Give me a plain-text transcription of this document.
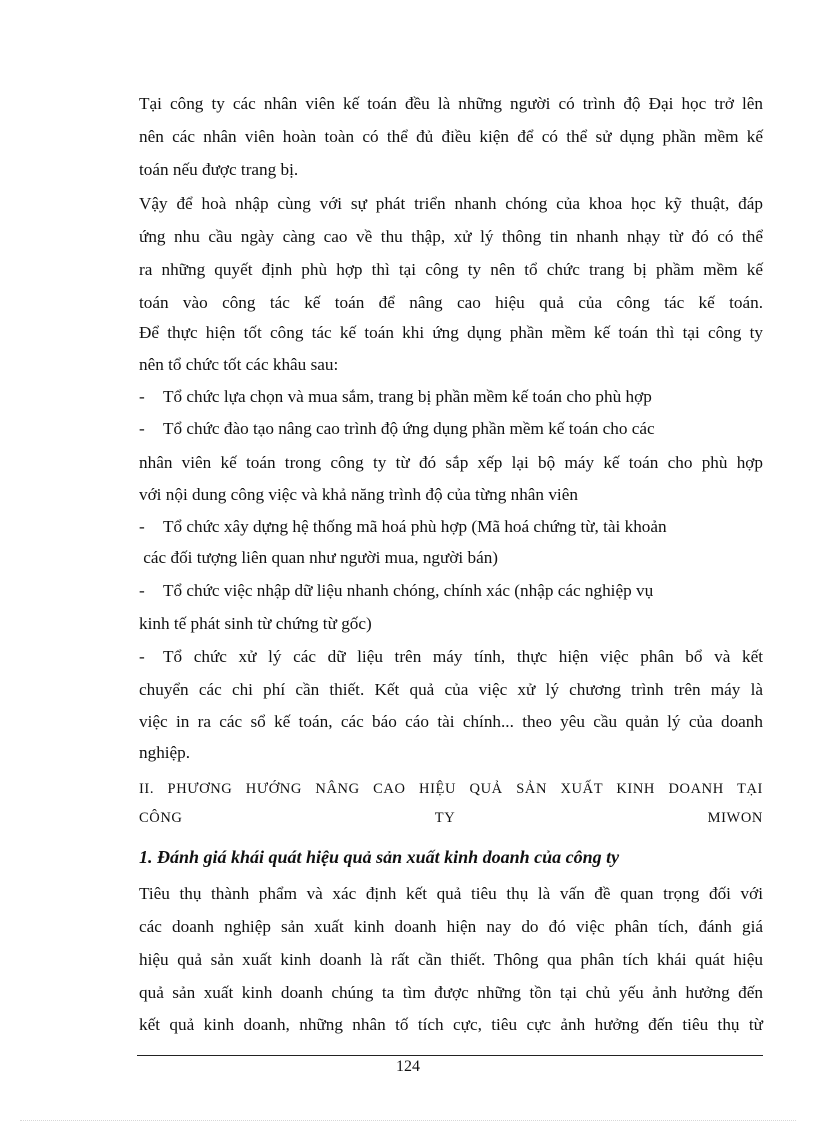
Tại công ty các nhân viên kế toán đều là những người có trình độ Đại học trở lên
nên các nhân viên hoàn toàn có thể đủ điều kiện để có thể sử dụng phần mềm kế
toán nếu được trang bị.
Vậy để hoà nhập cùng với sự phát triển nhanh chóng của khoa học kỹ thuật, đáp
ứng nhu cầu ngày càng cao về thu thập, xử lý thông tin nhanh nhạy từ đó có thể
ra những quyết định phù hợp thì tại công ty nên tổ chức trang bị phầm mềm kế
toán vào công tác kế toán để nâng cao hiệu quả của công tác kế toán.
Để thực hiện tốt công tác kế toán khi ứng dụng phần mềm kế toán thì tại công ty
nên tổ chức tốt các khâu sau:
-	Tổ chức lựa chọn và mua sắm, trang bị phần mềm kế toán cho phù hợp
-	Tổ chức đào tạo nâng cao trình độ ứng dụng phần mềm kế toán cho các
nhân viên kế toán trong công ty từ đó sắp xếp lại bộ máy kế toán cho phù hợp
với nội dung công việc và khả năng trình độ của từng nhân viên
-	Tổ chức xây dựng hệ thống mã hoá phù hợp (Mã hoá chứng từ, tài khoản
các đối tượng liên quan như người mua, người bán)
-	Tổ chức việc nhập dữ liệu nhanh chóng, chính xác (nhập các nghiệp vụ
kinh tế phát sinh từ chứng từ gốc)
-	Tổ chức xử lý các dữ liệu trên máy tính, thực hiện việc phân bổ và kết
chuyển các chi phí cần thiết. Kết quả của việc xử lý chương trình trên máy là
việc in ra các sổ kế toán, các báo cáo tài chính... theo yêu cầu quản lý của doanh
nghiệp.
II. PHƯƠNG HƯỚNG NÂNG CAO HIỆU QUẢ SẢN XUẤT KINH DOANH TẠI
CÔNG	TY	MIWON
1. Đánh giá khái quát hiệu quả sản xuất kinh doanh của công ty
Tiêu thụ thành phẩm và xác định kết quả tiêu thụ là vấn đề quan trọng đối với
các doanh nghiệp sản xuất kinh doanh hiện nay do đó việc phân tích, đánh giá
hiệu quả sản xuất kinh doanh là rất cần thiết. Thông qua phân tích khái quát hiệu
quả sản xuất kinh doanh chúng ta tìm được những tồn tại chủ yếu ảnh hưởng đến
kết quả kinh doanh, những nhân tố tích cực, tiêu cực ảnh hưởng đến tiêu thụ từ
124
